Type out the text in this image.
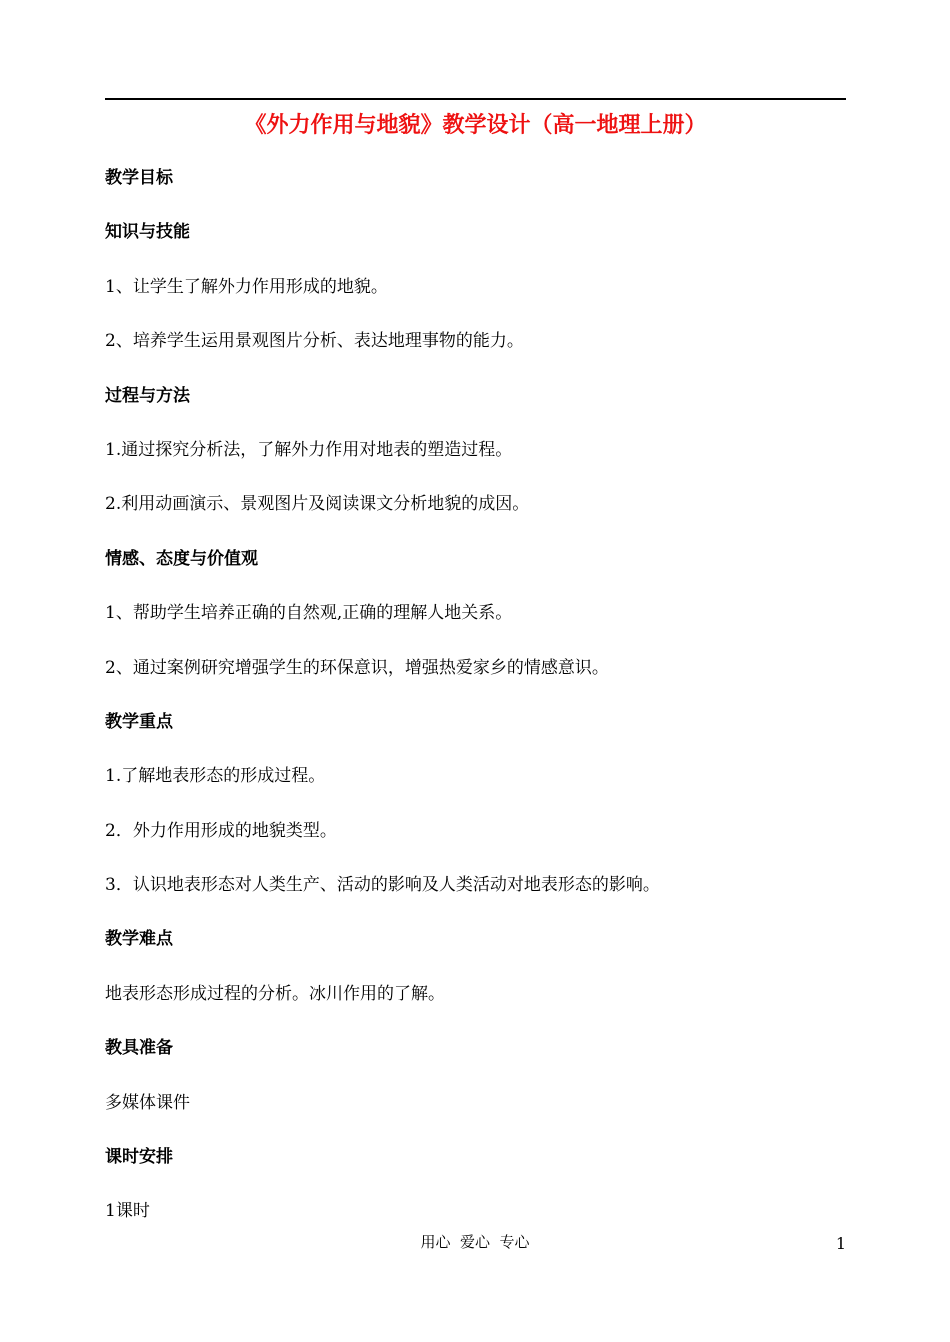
《外力作用与地貌》教学设计（高一地理上册）
教学目标
知识与技能
1、让学生了解外力作用形成的地貌。
2、培养学生运用景观图片分析、表达地理事物的能力。
过程与方法
1.通过探究分析法，了解外力作用对地表的塑造过程。
2.利用动画演示、景观图片及阅读课文分析地貌的成因。
情感、态度与价值观
1、帮助学生培养正确的自然观,正确的理解人地关系。
2、通过案例研究增强学生的环保意识，增强热爱家乡的情感意识。
教学重点
1.了解地表形态的形成过程。
2．外力作用形成的地貌类型。
3．认识地表形态对人类生产、活动的影响及人类活动对地表形态的影响。
教学难点
地表形态形成过程的分析。冰川作用的了解。
教具准备
多媒体课件
课时安排
1课时
用心  爱心  专心	1
